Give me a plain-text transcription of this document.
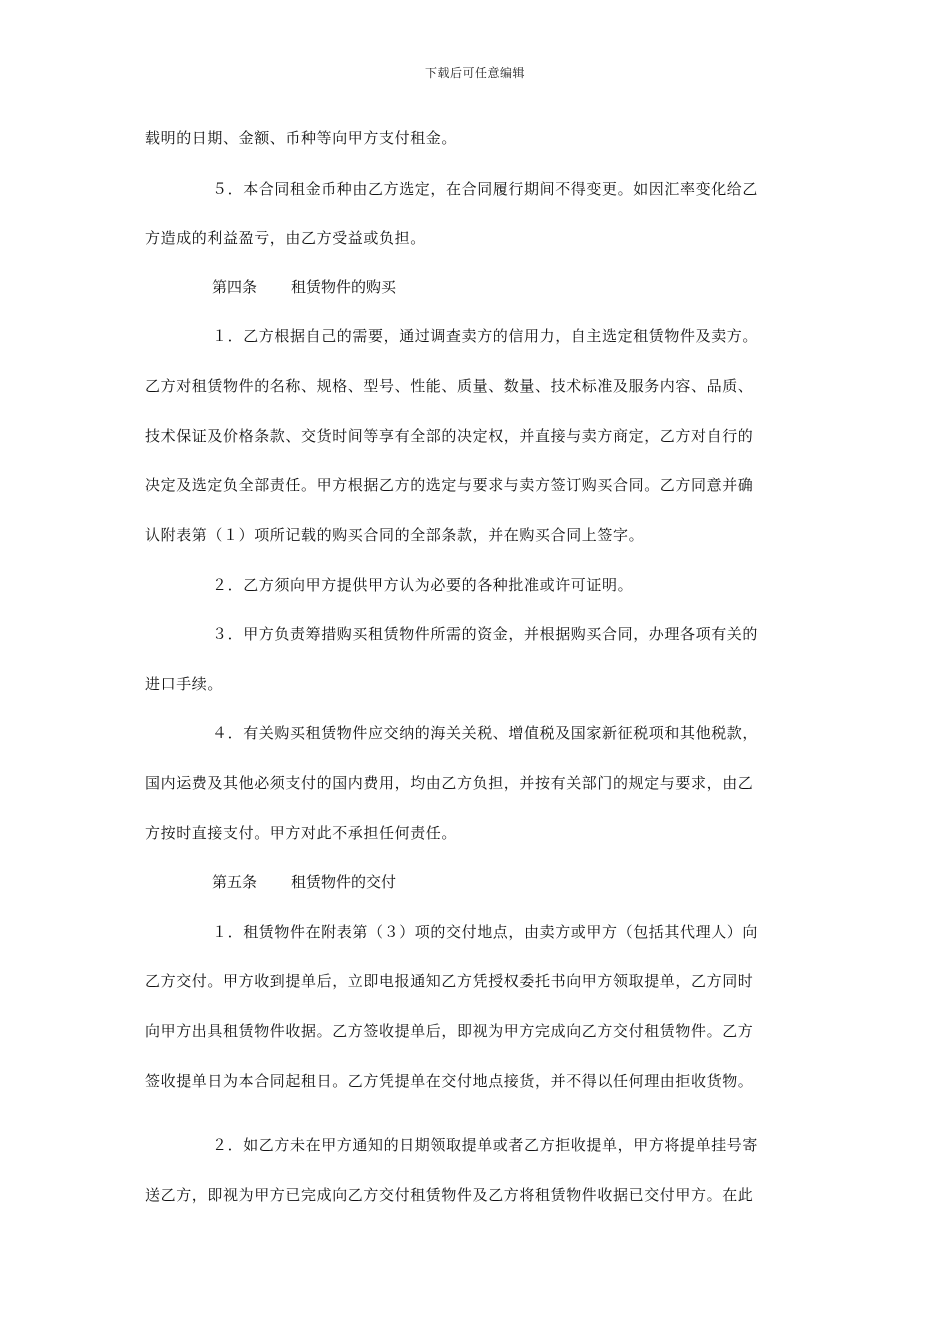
下载后可任意编辑
载明的日期、金额、币种等向甲方支付租金。
５．本合同租金币种由乙方选定，在合同履行期间不得变更。如因汇率变化给乙
方造成的利益盈亏，由乙方受益或负担。
第四条 租赁物件的购买
１．乙方根据自己的需要，通过调查卖方的信用力，自主选定租赁物件及卖方。
乙方对租赁物件的名称、规格、型号、性能、质量、数量、技术标准及服务内容、品质、
技术保证及价格条款、交货时间等享有全部的决定权，并直接与卖方商定，乙方对自行的
决定及选定负全部责任。甲方根据乙方的选定与要求与卖方签订购买合同。乙方同意并确
认附表第（１）项所记载的购买合同的全部条款，并在购买合同上签字。
２．乙方须向甲方提供甲方认为必要的各种批准或许可证明。
３．甲方负责筹措购买租赁物件所需的资金，并根据购买合同，办理各项有关的
进口手续。
４．有关购买租赁物件应交纳的海关关税、增值税及国家新征税项和其他税款，
国内运费及其他必须支付的国内费用，均由乙方负担，并按有关部门的规定与要求，由乙
方按时直接支付。甲方对此不承担任何责任。
第五条 租赁物件的交付
１．租赁物件在附表第（３）项的交付地点，由卖方或甲方（包括其代理人）向
乙方交付。甲方收到提单后，立即电报通知乙方凭授权委托书向甲方领取提单，乙方同时
向甲方出具租赁物件收据。乙方签收提单后，即视为甲方完成向乙方交付租赁物件。乙方
签收提单日为本合同起租日。乙方凭提单在交付地点接货，并不得以任何理由拒收货物。
２．如乙方未在甲方通知的日期领取提单或者乙方拒收提单，甲方将提单挂号寄
送乙方，即视为甲方已完成向乙方交付租赁物件及乙方将租赁物件收据已交付甲方。在此
